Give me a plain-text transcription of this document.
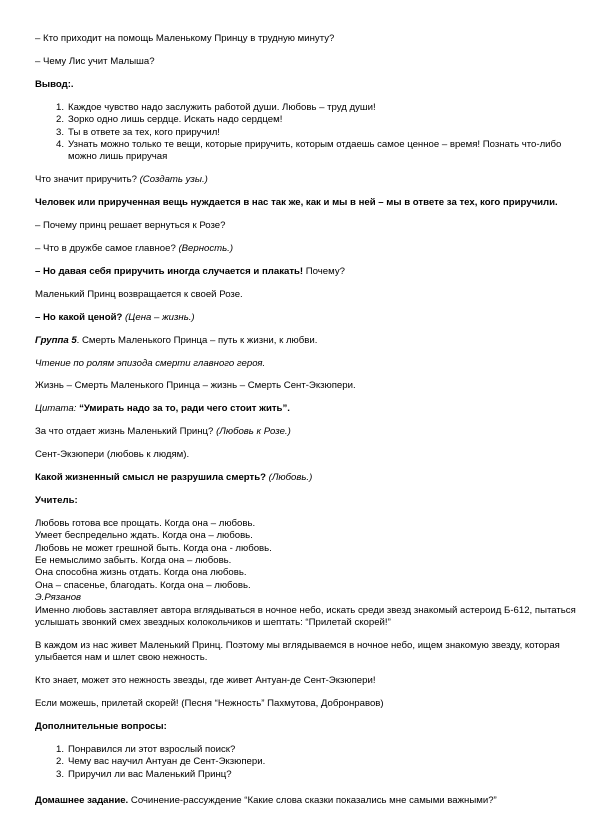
– Кто приходит на помощь Маленькому Принцу в трудную минуту?

– Чему Лис учит Малыша?

Вывод:.

1. Каждое чувство надо заслужить работой души. Любовь – труд души!
2. Зорко одно лишь сердце. Искать надо сердцем!
3. Ты в ответе за тех, кого приручил!
4. Узнать можно только те вещи, которые приручить, которым отдаешь самое ценное – время! Познать что-либо можно лишь приручая

Что значит приручить? (Создать узы.)

Человек или прирученная вещь нуждается в нас так же, как и мы в ней – мы в ответе за тех, кого приручили.

– Почему принц решает вернуться к Розе?

– Что в дружбе самое главное? (Верность.)

– Но давая себя приручить иногда случается и плакать! Почему?

Маленький Принц возвращается к своей Розе.

– Но какой ценой? (Цена – жизнь.)

Группа 5. Смерть Маленького Принца – путь к жизни, к любви.

Чтение по ролям эпизода смерти главного героя.

Жизнь – Смерть Маленького Принца – жизнь – Смерть Сент-Экзюпери.

Цитата: “Умирать надо за то, ради чего стоит жить”.

За что отдает жизнь Маленький Принц? (Любовь к Розе.)

Сент-Экзюпери (любовь к людям).

Какой жизненный смысл не разрушила смерть? (Любовь.)

Учитель:

Любовь готова все прощать. Когда она – любовь.
Умеет беспредельно ждать. Когда она – любовь.
Любовь не может грешной быть. Когда она - любовь.
Ее немыслимо забыть. Когда она – любовь.
Она способна жизнь отдать. Когда она любовь.
Она – спасенье, благодать. Когда она – любовь.
Э.Рязанов
Именно любовь заставляет автора вглядываться в ночное небо, искать среди звезд знакомый астероид Б-612, пытаться услышать звонкий смех звездных колокольчиков и шептать: “Прилетай скорей!”

В каждом из нас живет Маленький Принц. Поэтому мы вглядываемся в ночное небо, ищем знакомую звезду, которая улыбается нам и шлет свою нежность.

Кто знает, может это нежность звезды, где живет Антуан-де Сент-Экзюпери!

Если можешь, прилетай скорей! (Песня “Нежность” Пахмутова, Добронравов)

Дополнительные вопросы:

1. Понравился ли этот взрослый поиск?
2. Чему вас научил Антуан де Сент-Экзюпери.
3. Приручил ли вас Маленький Принц?

Домашнее задание. Сочинение-рассуждение “Какие слова сказки показались мне самыми важными?”
